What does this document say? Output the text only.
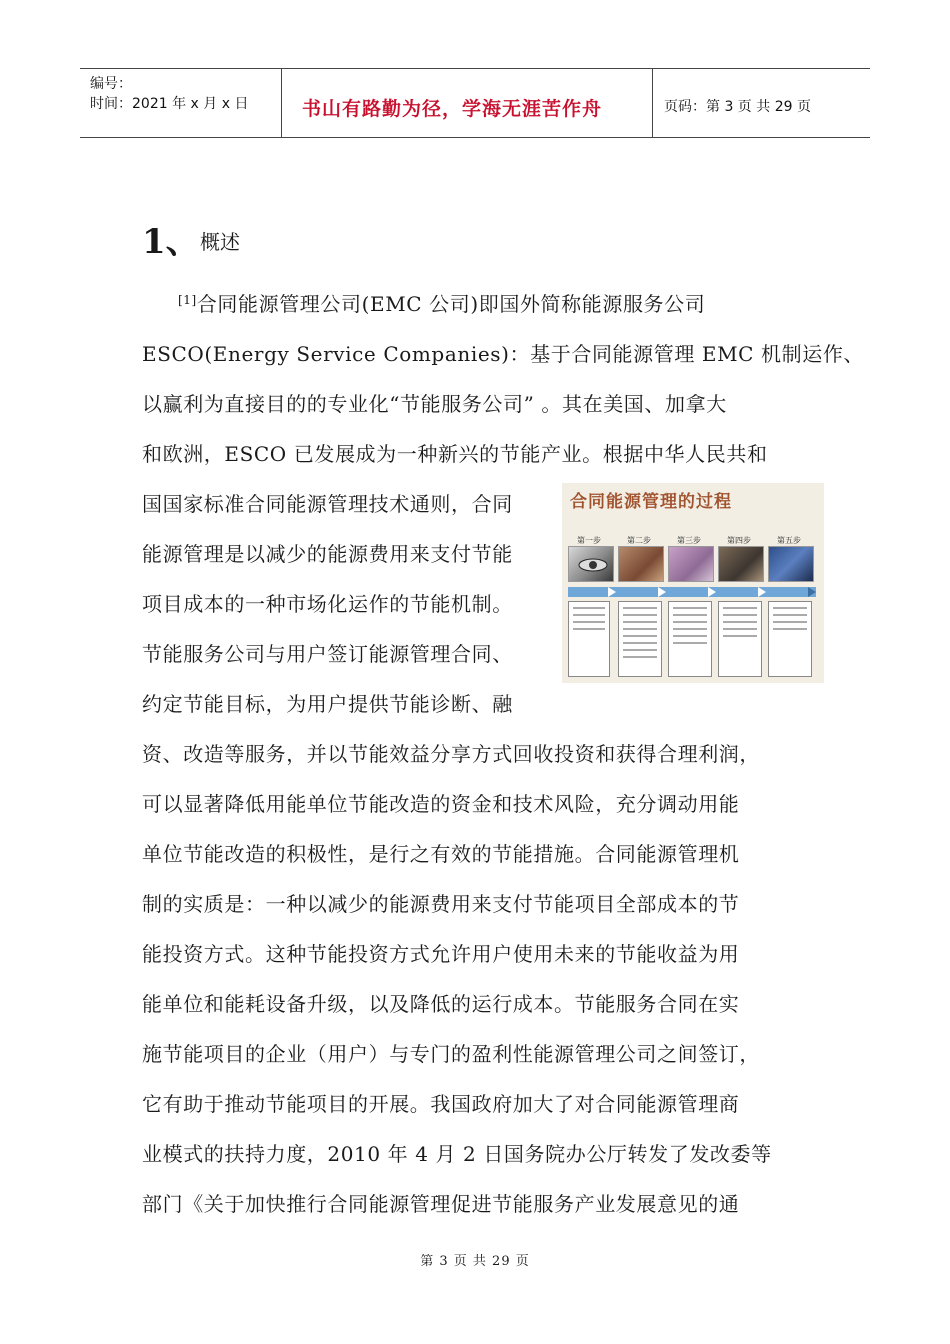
编号：
时间：2021 年 x 月 x 日	书山有路勤为径，学海无涯苦作舟	页码：第 3 页 共 29 页
1、 概述
[1]合同能源管理公司(EMC 公司)即国外简称能源服务公司
ESCO(Energy Service Companies)：基于合同能源管理 EMC 机制运作、
以赢利为直接目的的专业化“节能服务公司” 。其在美国、加拿大
和欧洲，ESCO 已发展成为一种新兴的节能产业。根据中华人民共和
国国家标准合同能源管理技术通则，合同
能源管理是以减少的能源费用来支付节能
项目成本的一种市场化运作的节能机制。
节能服务公司与用户签订能源管理合同、
约定节能目标，为用户提供节能诊断、融
资、改造等服务，并以节能效益分享方式回收投资和获得合理利润，
可以显著降低用能单位节能改造的资金和技术风险，充分调动用能
单位节能改造的积极性，是行之有效的节能措施。合同能源管理机
制的实质是：一种以减少的能源费用来支付节能项目全部成本的节
能投资方式。这种节能投资方式允许用户使用未来的节能收益为用
能单位和能耗设备升级，以及降低的运行成本。节能服务合同在实
施节能项目的企业（用户）与专门的盈利性能源管理公司之间签订，
它有助于推动节能项目的开展。我国政府加大了对合同能源管理商
业模式的扶持力度，2010 年 4 月 2 日国务院办公厅转发了发改委等
部门《关于加快推行合同能源管理促进节能服务产业发展意见的通
合同能源管理的过程
第一步	第二步	第三步	第四步	第五步
第 3 页 共 29 页
